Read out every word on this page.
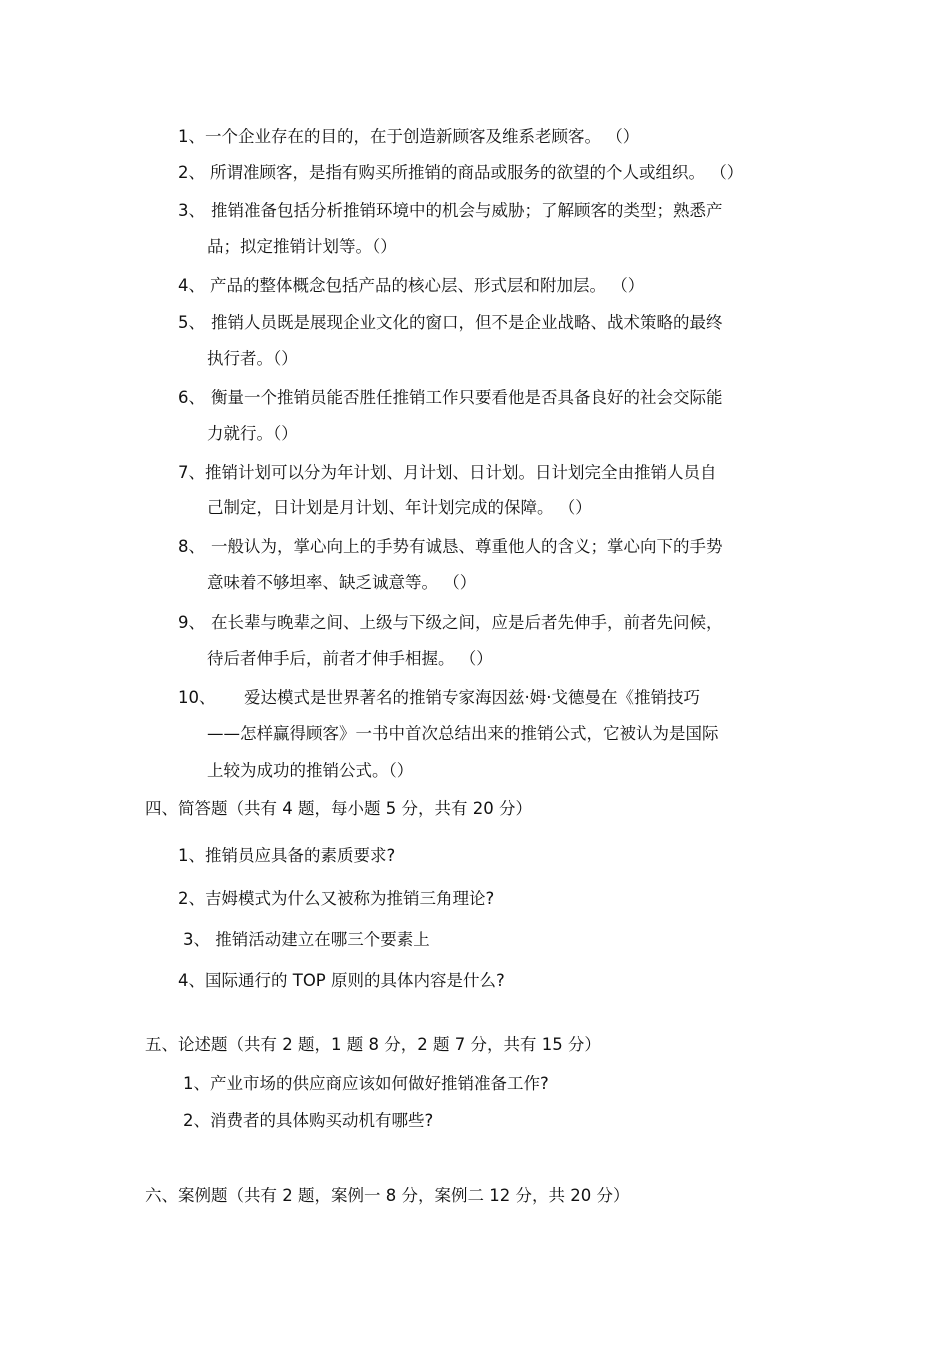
1、一个企业存在的目的，在于创造新顾客及维系老顾客。 （）
2、 所谓准顾客，是指有购买所推销的商品或服务的欲望的个人或组织。 （）
3、 推销准备包括分析推销环境中的机会与威胁；了解顾客的类型；熟悉产
品；拟定推销计划等。（）
4、 产品的整体概念包括产品的核心层、形式层和附加层。 （）
5、 推销人员既是展现企业文化的窗口，但不是企业战略、战术策略的最终
执行者。（）
6、 衡量一个推销员能否胜任推销工作只要看他是否具备良好的社会交际能
力就行。（）
7、推销计划可以分为年计划、月计划、日计划。日计划完全由推销人员自
己制定，日计划是月计划、年计划完成的保障。 （）
8、 一般认为，掌心向上的手势有诚恳、尊重他人的含义；掌心向下的手势
意味着不够坦率、缺乏诚意等。 （）
9、 在长辈与晚辈之间、上级与下级之间，应是后者先伸手，前者先问候，
待后者伸手后，前者才伸手相握。 （）
10、 爱达模式是世界著名的推销专家海因兹·姆·戈德曼在《推销技巧
——怎样赢得顾客》一书中首次总结出来的推销公式，它被认为是国际
上较为成功的推销公式。（）
四、简答题（共有 4 题，每小题 5 分，共有 20 分）
1、推销员应具备的素质要求?
2、吉姆模式为什么又被称为推销三角理论?
3、 推销活动建立在哪三个要素上
4、国际通行的 TOP 原则的具体内容是什么?
五、论述题（共有 2 题，1 题 8 分，2 题 7 分，共有 15 分）
1、产业市场的供应商应该如何做好推销准备工作?
2、消费者的具体购买动机有哪些?
六、案例题（共有 2 题，案例一 8 分，案例二 12 分，共 20 分）
